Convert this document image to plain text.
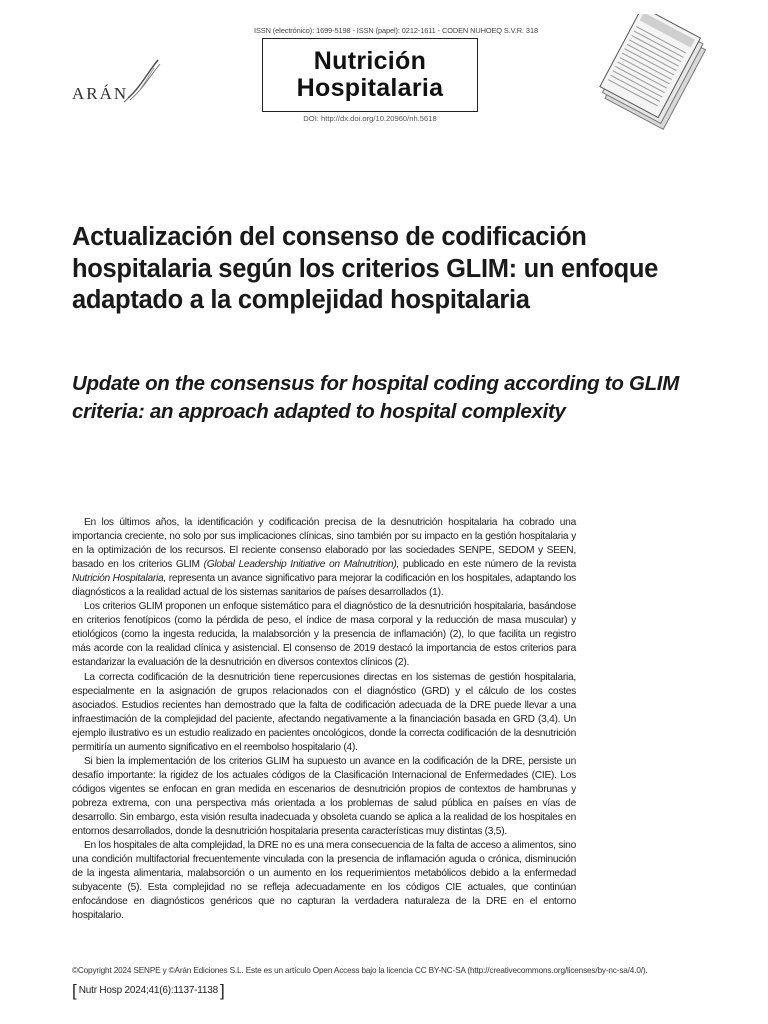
ISSN (electrónico): 1699-5198 - ISSN (papel): 0212-1611 - CODEN NUHOEQ S.V.R. 318
Nutrición
Hospitalaria
DOI: http://dx.doi.org/10.20960/nh.5618
ARÁN
Actualización del consenso de codificación hospitalaria según los criterios GLIM: un enfoque adaptado a la complejidad hospitalaria
Update on the consensus for hospital coding according to GLIM criteria: an approach adapted to hospital complexity

En los últimos años, la identificación y codificación precisa de la desnutrición hospitalaria ha cobrado una importancia creciente, no solo por sus implicaciones clínicas, sino también por su impacto en la gestión hospitalaria y en la optimización de los recursos. El reciente consenso elaborado por las sociedades SENPE, SEDOM y SEEN, basado en los criterios GLIM (Global Leadership Initiative on Malnutrition), publicado en este número de la revista Nutrición Hospitalaria, representa un avance significativo para mejorar la codificación en los hospitales, adaptando los diagnósticos a la realidad actual de los sistemas sanitarios de países desarrollados (1).

Los criterios GLIM proponen un enfoque sistemático para el diagnóstico de la desnutrición hospitalaria, basándose en criterios fenotípicos (como la pérdida de peso, el índice de masa corporal y la reducción de masa muscular) y etiológicos (como la ingesta reducida, la malabsorción y la presencia de inflamación) (2), lo que facilita un registro más acorde con la realidad clínica y asistencial. El consenso de 2019 destacó la importancia de estos criterios para estandarizar la evaluación de la desnutrición en diversos contextos clínicos (2).

La correcta codificación de la desnutrición tiene repercusiones directas en los sistemas de gestión hospitalaria, especialmente en la asignación de grupos relacionados con el diagnóstico (GRD) y el cálculo de los costes asociados. Estudios recientes han demostrado que la falta de codificación adecuada de la DRE puede llevar a una infraestimación de la complejidad del paciente, afectando negativamente a la financiación basada en GRD (3,4). Un ejemplo ilustrativo es un estudio realizado en pacientes oncológicos, donde la correcta codificación de la desnutrición permitiría un aumento significativo en el reembolso hospitalario (4).

Si bien la implementación de los criterios GLIM ha supuesto un avance en la codificación de la DRE, persiste un desafío importante: la rigidez de los actuales códigos de la Clasificación Internacional de Enfermedades (CIE). Los códigos vigentes se enfocan en gran medida en escenarios de desnutrición propios de contextos de hambrunas y pobreza extrema, con una perspectiva más orientada a los problemas de salud pública en países en vías de desarrollo. Sin embargo, esta visión resulta inadecuada y obsoleta cuando se aplica a la realidad de los hospitales en entornos desarrollados, donde la desnutrición hospitalaria presenta características muy distintas (3,5).

En los hospitales de alta complejidad, la DRE no es una mera consecuencia de la falta de acceso a alimentos, sino una condición multifactorial frecuentemente vinculada con la presencia de inflamación aguda o crónica, disminución de la ingesta alimentaria, malabsorción o un aumento en los requerimientos metabólicos debido a la enfermedad subyacente (5). Esta complejidad no se refleja adecuadamente en los códigos CIE actuales, que continúan enfocándose en diagnósticos genéricos que no capturan la verdadera naturaleza de la DRE en el entorno hospitalario.

©Copyright 2024 SENPE y ©Arán Ediciones S.L. Este es un artículo Open Access bajo la licencia CC BY-NC-SA (http://creativecommons.org/licenses/by-nc-sa/4.0/).
[ Nutr Hosp 2024;41(6):1137-1138 ]
